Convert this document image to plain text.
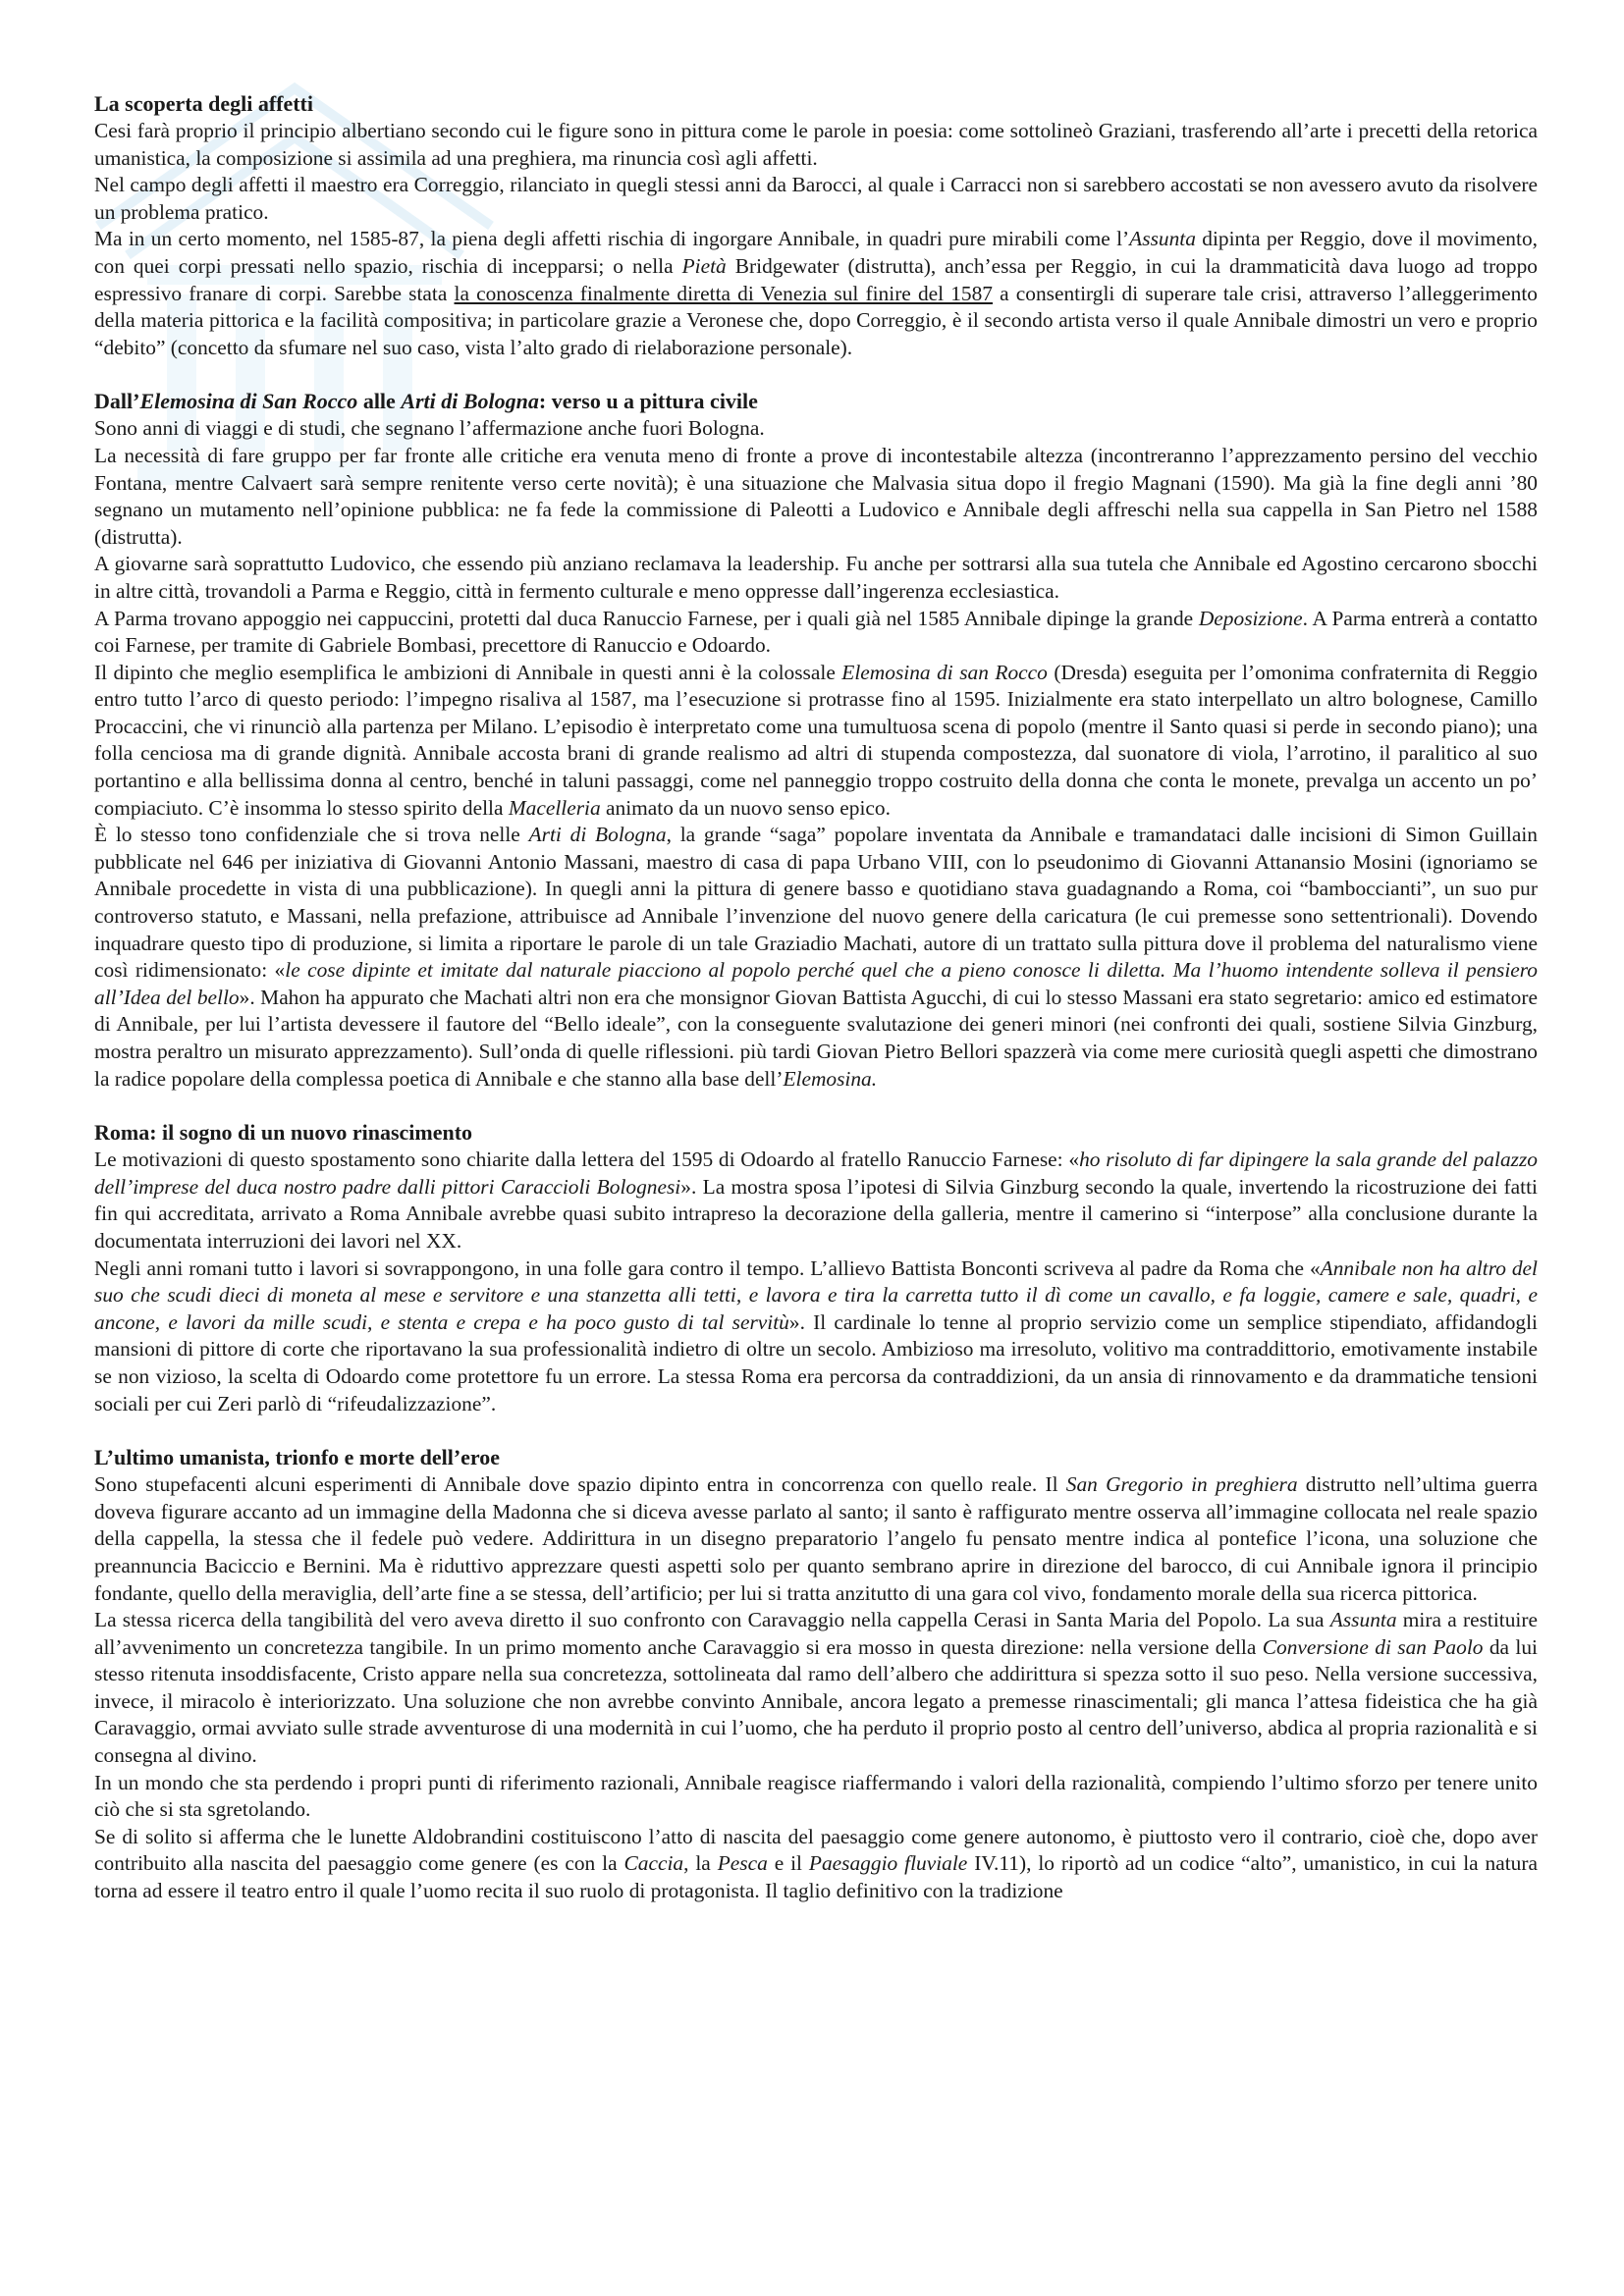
La scoperta degli affetti

Cesi farà proprio il principio albertiano secondo cui le figure sono in pittura come le parole in poesia: come sottolineò Graziani, trasferendo all’arte i precetti della retorica umanistica, la composizione si assimila ad una preghiera, ma rinuncia così agli affetti.

Nel campo degli affetti il maestro era Correggio, rilanciato in quegli stessi anni da Barocci, al quale i Carracci non si sarebbero accostati se non avessero avuto da risolvere un problema pratico.

Ma in un certo momento, nel 1585-87, la piena degli affetti rischia di ingorgare Annibale, in quadri pure mirabili come l’Assunta dipinta per Reggio, dove il movimento, con quei corpi pressati nello spazio, rischia di incepparsi; o nella Pietà Bridgewater (distrutta), anch’essa per Reggio, in cui la drammaticità dava luogo ad troppo espressivo franare di corpi. Sarebbe stata la conoscenza finalmente diretta di Venezia sul finire del 1587 a consentirgli di superare tale crisi, attraverso l’alleggerimento della materia pittorica e la facilità compositiva; in particolare grazie a Veronese che, dopo Correggio, è il secondo artista verso il quale Annibale dimostri un vero e proprio “debito” (concetto da sfumare nel suo caso, vista l’alto grado di rielaborazione personale).

Dall’Elemosina di San Rocco alle Arti di Bologna: verso u a pittura civile

Sono anni di viaggi e di studi, che segnano l’affermazione anche fuori Bologna.

La necessità di fare gruppo per far fronte alle critiche era venuta meno di fronte a prove di incontestabile altezza (incontreranno l’apprezzamento persino del vecchio Fontana, mentre Calvaert sarà sempre renitente verso certe novità); è una situazione che Malvasia situa dopo il fregio Magnani (1590). Ma già la fine degli anni ’80 segnano un mutamento nell’opinione pubblica: ne fa fede la commissione di Paleotti a Ludovico e Annibale degli affreschi nella sua cappella in San Pietro nel 1588 (distrutta).

A giovarne sarà soprattutto Ludovico, che essendo più anziano reclamava la leadership. Fu anche per sottrarsi alla sua tutela che Annibale ed Agostino cercarono sbocchi in altre città, trovandoli a Parma e Reggio, città in fermento culturale e meno oppresse dall’ingerenza ecclesiastica.

A Parma trovano appoggio nei cappuccini, protetti dal duca Ranuccio Farnese, per i quali già nel 1585 Annibale dipinge la grande Deposizione. A Parma entrerà a contatto coi Farnese, per tramite di Gabriele Bombasi, precettore di Ranuccio e Odoardo.

Il dipinto che meglio esemplifica le ambizioni di Annibale in questi anni è la colossale Elemosina di san Rocco (Dresda) eseguita per l’omonima confraternita di Reggio entro tutto l’arco di questo periodo: l’impegno risaliva al 1587, ma l’esecuzione si protrasse fino al 1595. Inizialmente era stato interpellato un altro bolognese, Camillo Procaccini, che vi rinunciò alla partenza per Milano. L’episodio è interpretato come una tumultuosa scena di popolo (mentre il Santo quasi si perde in secondo piano); una folla cenciosa ma di grande dignità. Annibale accosta brani di grande realismo ad altri di stupenda compostezza, dal suonatore di viola, l’arrotino, il paralitico al suo portantino e alla bellissima donna al centro, benché in taluni passaggi, come nel panneggio troppo costruito della donna che conta le monete, prevalga un accento un po’ compiaciuto. C’è insomma lo stesso spirito della Macelleria animato da un nuovo senso epico.

È lo stesso tono confidenziale che si trova nelle Arti di Bologna, la grande “saga” popolare inventata da Annibale e tramandataci dalle incisioni di Simon Guillain pubblicate nel 646 per iniziativa di Giovanni Antonio Massani, maestro di casa di papa Urbano VIII, con lo pseudonimo di Giovanni Attanansio Mosini (ignoriamo se Annibale procedette in vista di una pubblicazione). In quegli anni la pittura di genere basso e quotidiano stava guadagnando a Roma, coi “bamboccianti”, un suo pur controverso statuto, e Massani, nella prefazione, attribuisce ad Annibale l’invenzione del nuovo genere della caricatura (le cui premesse sono settentrionali). Dovendo inquadrare questo tipo di produzione, si limita a riportare le parole di un tale Graziadio Machati, autore di un trattato sulla pittura dove il problema del naturalismo viene così ridimensionato: «le cose dipinte et imitate dal naturale piacciono al popolo perché quel che a pieno conosce li diletta. Ma l’huomo intendente solleva il pensiero all’Idea del bello». Mahon ha appurato che Machati altri non era che monsignor Giovan Battista Agucchi, di cui lo stesso Massani era stato segretario: amico ed estimatore di Annibale, per lui l’artista devessere il fautore del “Bello ideale”, con la conseguente svalutazione dei generi minori (nei confronti dei quali, sostiene Silvia Ginzburg, mostra peraltro un misurato apprezzamento). Sull’onda di quelle riflessioni. più tardi Giovan Pietro Bellori spazzerà via come mere curiosità quegli aspetti che dimostrano la radice popolare della complessa poetica di Annibale e che stanno alla base dell’Elemosina.

Roma: il sogno di un nuovo rinascimento

Le motivazioni di questo spostamento sono chiarite dalla lettera del 1595 di Odoardo al fratello Ranuccio Farnese: «ho risoluto di far dipingere la sala grande del palazzo dell’imprese del duca nostro padre dalli pittori Caraccioli Bolognesi». La mostra sposa l’ipotesi di Silvia Ginzburg secondo la quale, invertendo la ricostruzione dei fatti fin qui accreditata, arrivato a Roma Annibale avrebbe quasi subito intrapreso la decorazione della galleria, mentre il camerino si “interpose” alla conclusione durante la documentata interruzioni dei lavori nel XX.

Negli anni romani tutto i lavori si sovrappongono, in una folle gara contro il tempo. L’allievo Battista Bonconti scriveva al padre da Roma che «Annibale non ha altro del suo che scudi dieci di moneta al mese e servitore e una stanzetta alli tetti, e lavora e tira la carretta tutto il dì come un cavallo, e fa loggie, camere e sale, quadri, e ancone, e lavori da mille scudi, e stenta e crepa e ha poco gusto di tal servitù». Il cardinale lo tenne al proprio servizio come un semplice stipendiato, affidandogli mansioni di pittore di corte che riportavano la sua professionalità indietro di oltre un secolo. Ambizioso ma irresoluto, volitivo ma contraddittorio, emotivamente instabile se non vizioso, la scelta di Odoardo come protettore fu un errore. La stessa Roma era percorsa da contraddizioni, da un ansia di rinnovamento e da drammatiche tensioni sociali per cui Zeri parlò di “rifeudalizzazione”.

L’ultimo umanista, trionfo e morte dell’eroe

Sono stupefacenti alcuni esperimenti di Annibale dove spazio dipinto entra in concorrenza con quello reale. Il San Gregorio in preghiera distrutto nell’ultima guerra doveva figurare accanto ad un immagine della Madonna che si diceva avesse parlato al santo; il santo è raffigurato mentre osserva all’immagine collocata nel reale spazio della cappella, la stessa che il fedele può vedere. Addirittura in un disegno preparatorio l’angelo fu pensato mentre indica al pontefice l’icona, una soluzione che preannuncia Baciccio e Bernini. Ma è riduttivo apprezzare questi aspetti solo per quanto sembrano aprire in direzione del barocco, di cui Annibale ignora il principio fondante, quello della meraviglia, dell’arte fine a se stessa, dell’artificio; per lui si tratta anzitutto di una gara col vivo, fondamento morale della sua ricerca pittorica.

La stessa ricerca della tangibilità del vero aveva diretto il suo confronto con Caravaggio nella cappella Cerasi in Santa Maria del Popolo. La sua Assunta mira a restituire all’avvenimento un concretezza tangibile. In un primo momento anche Caravaggio si era mosso in questa direzione: nella versione della Conversione di san Paolo da lui stesso ritenuta insoddisfacente, Cristo appare nella sua concretezza, sottolineata dal ramo dell’albero che addirittura si spezza sotto il suo peso. Nella versione successiva, invece, il miracolo è interiorizzato. Una soluzione che non avrebbe convinto Annibale, ancora legato a premesse rinascimentali; gli manca l’attesa fideistica che ha già Caravaggio, ormai avviato sulle strade avventurose di una modernità in cui l’uomo, che ha perduto il proprio posto al centro dell’universo, abdica al propria razionalità e si consegna al divino.

In un mondo che sta perdendo i propri punti di riferimento razionali, Annibale reagisce riaffermando i valori della razionalità, compiendo l’ultimo sforzo per tenere unito ciò che si sta sgretolando.

Se di solito si afferma che le lunette Aldobrandini costituiscono l’atto di nascita del paesaggio come genere autonomo, è piuttosto vero il contrario, cioè che, dopo aver contribuito alla nascita del paesaggio come genere (es con la Caccia, la Pesca e il Paesaggio fluviale IV.11), lo riportò ad un codice “alto”, umanistico, in cui la natura torna ad essere il teatro entro il quale l’uomo recita il suo ruolo di protagonista. Il taglio definitivo con la tradizione
